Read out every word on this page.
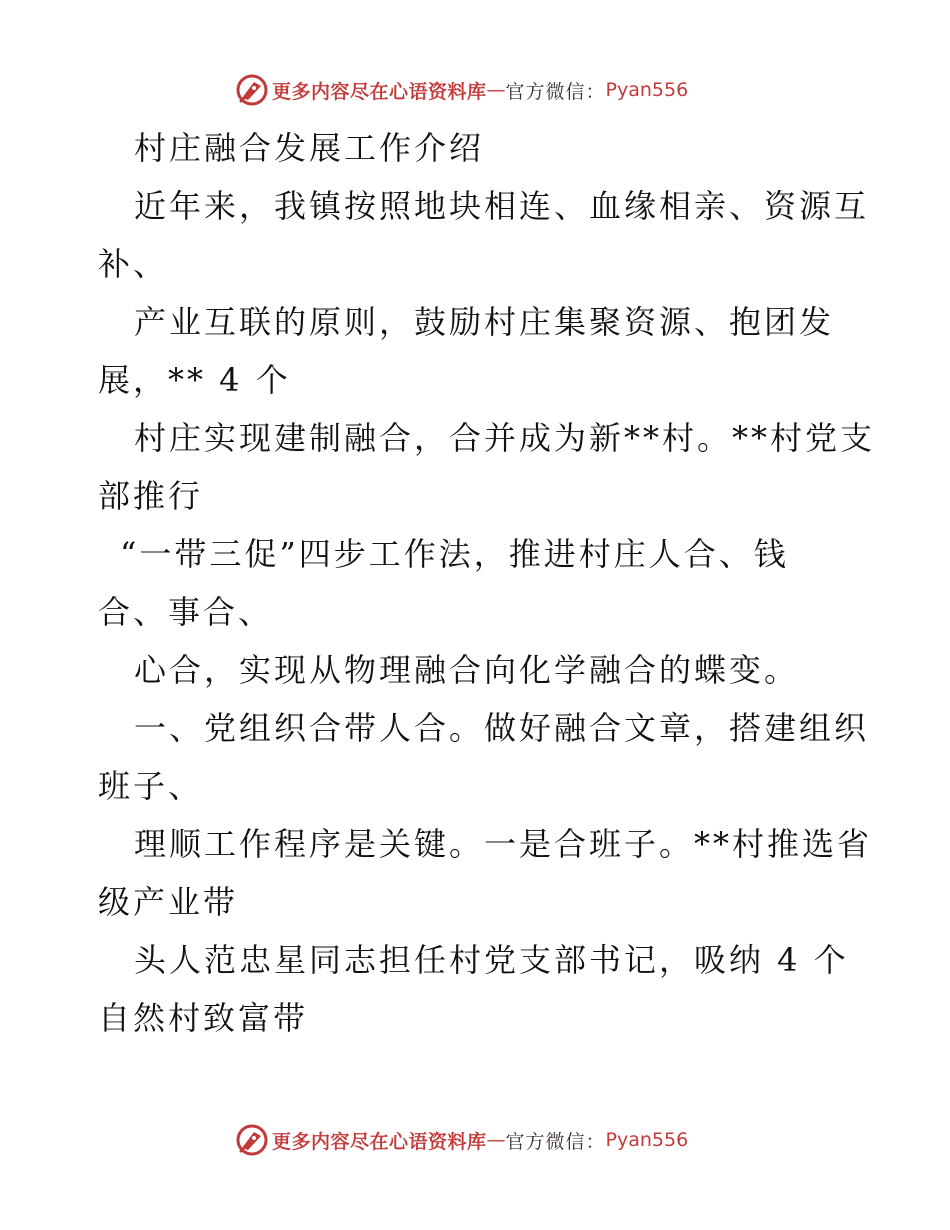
更多内容尽在心语资料库 — 官方微信： Pyan556
村庄融合发展工作介绍
近年来，我镇按照地块相连、血缘相亲、资源互
补、
产业互联的原则，鼓励村庄集聚资源、抱团发
展，** 4 个
村庄实现建制融合，合并成为新**村。**村党支
部推行
“一带三促”四步工作法，推进村庄人合、钱
合、事合、
心合，实现从物理融合向化学融合的蝶变。
一、党组织合带人合。做好融合文章，搭建组织
班子、
理顺工作程序是关键。一是合班子。**村推选省
级产业带
头人范忠星同志担任村党支部书记，吸纳 4 个
自然村致富带
更多内容尽在心语资料库 — 官方微信： Pyan556
